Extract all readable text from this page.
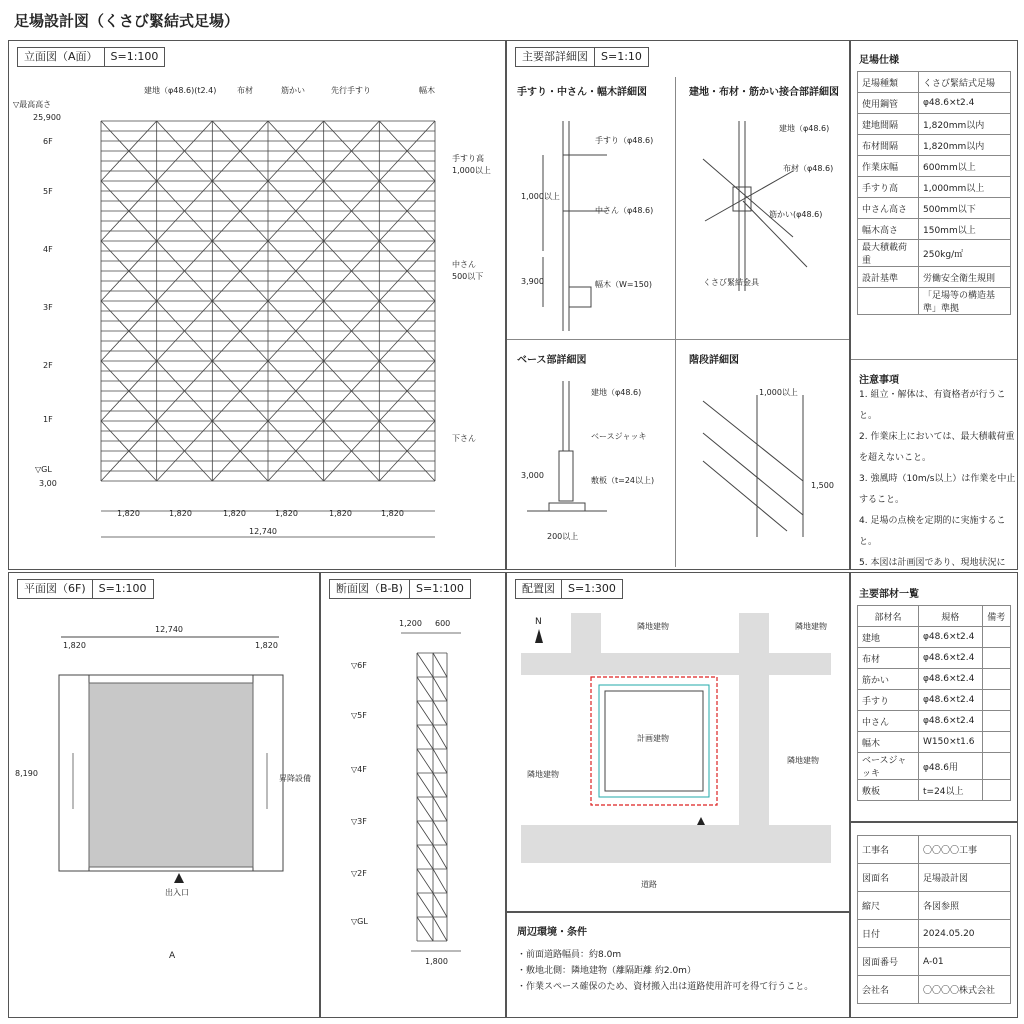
足場設計図（くさび緊結式足場）
立面図（A面）	S=1:100
建地（φ48.6)(t2.4)	布材	筋かい	先行手すり	幅木
▽最高高さ
25,900
6F
5F
4F
3F
2F
1F
▽GL
3,00
手すり高
1,000以上
中さん
500以下
下さん
1,820	1,820	1,820	1,820	1,820	1,820
12,740
主要部詳細図	S=1:10
手すり・中さん・幅木詳細図	建地・布材・筋かい接合部詳細図
ベース部詳細図	階段詳細図
手すり（φ48.6)
中さん（φ48.6)
幅木（W=150)
1,000以上
3,900
建地（φ48.6)
布材（φ48.6)
筋かい(φ48.6)
くさび緊結金具
建地（φ48.6)
ベースジャッキ
敷板（t=24以上)
3,000
200以上
1,000以上
1,500
足場仕様
足場種類	くさび緊結式足場
使用鋼管	φ48.6×t2.4
建地間隔	1,820mm以内
布材間隔	1,820mm以内
作業床幅	600mm以上
手すり高	1,000mm以上
中さん高さ	500mm以下
幅木高さ	150mm以上
最大積載荷重	250kg/㎡
設計基準	労働安全衛生規則
	「足場等の構造基準」準拠
注意事項
1. 組立・解体は、有資格者が行うこと。
2. 作業床上においては、最大積載荷重
を超えないこと。
3. 強風時（10m/s以上）は作業を中止
すること。
4. 足場の点検を定期的に実施すること。
5. 本図は計画図であり、現地状況に
平面図（6F)	S=1:100
12,740
1,820	1,820
8,190
昇降設備
出入口
A
断面図（B-B)	S=1:100
1,200 600
1,800
▽6F
▽5F
▽4F
▽3F
▽2F
▽GL
配置図	S=1:300
N	隣地建物	隣地建物
隣地建物
隣地建物
計画建物
道路
周辺環境・条件
・前面道路幅員：約8.0m
・敷地北側：隣地建物（離隔距離 約2.0m）
・作業スペース確保のため、資材搬入出は道路使用許可を得て行うこと。
主要部材一覧
部材名	規格	備考
建地	φ48.6×t2.4	
布材	φ48.6×t2.4	
筋かい	φ48.6×t2.4	
手すり	φ48.6×t2.4	
中さん	φ48.6×t2.4	
幅木	W150×t1.6	
ベースジャッキ	φ48.6用	
敷板	t=24以上	
工事名	〇〇〇〇工事
図面名	足場設計図
縮尺	各図参照
日付	2024.05.20
図面番号	A-01
会社名	〇〇〇〇株式会社
